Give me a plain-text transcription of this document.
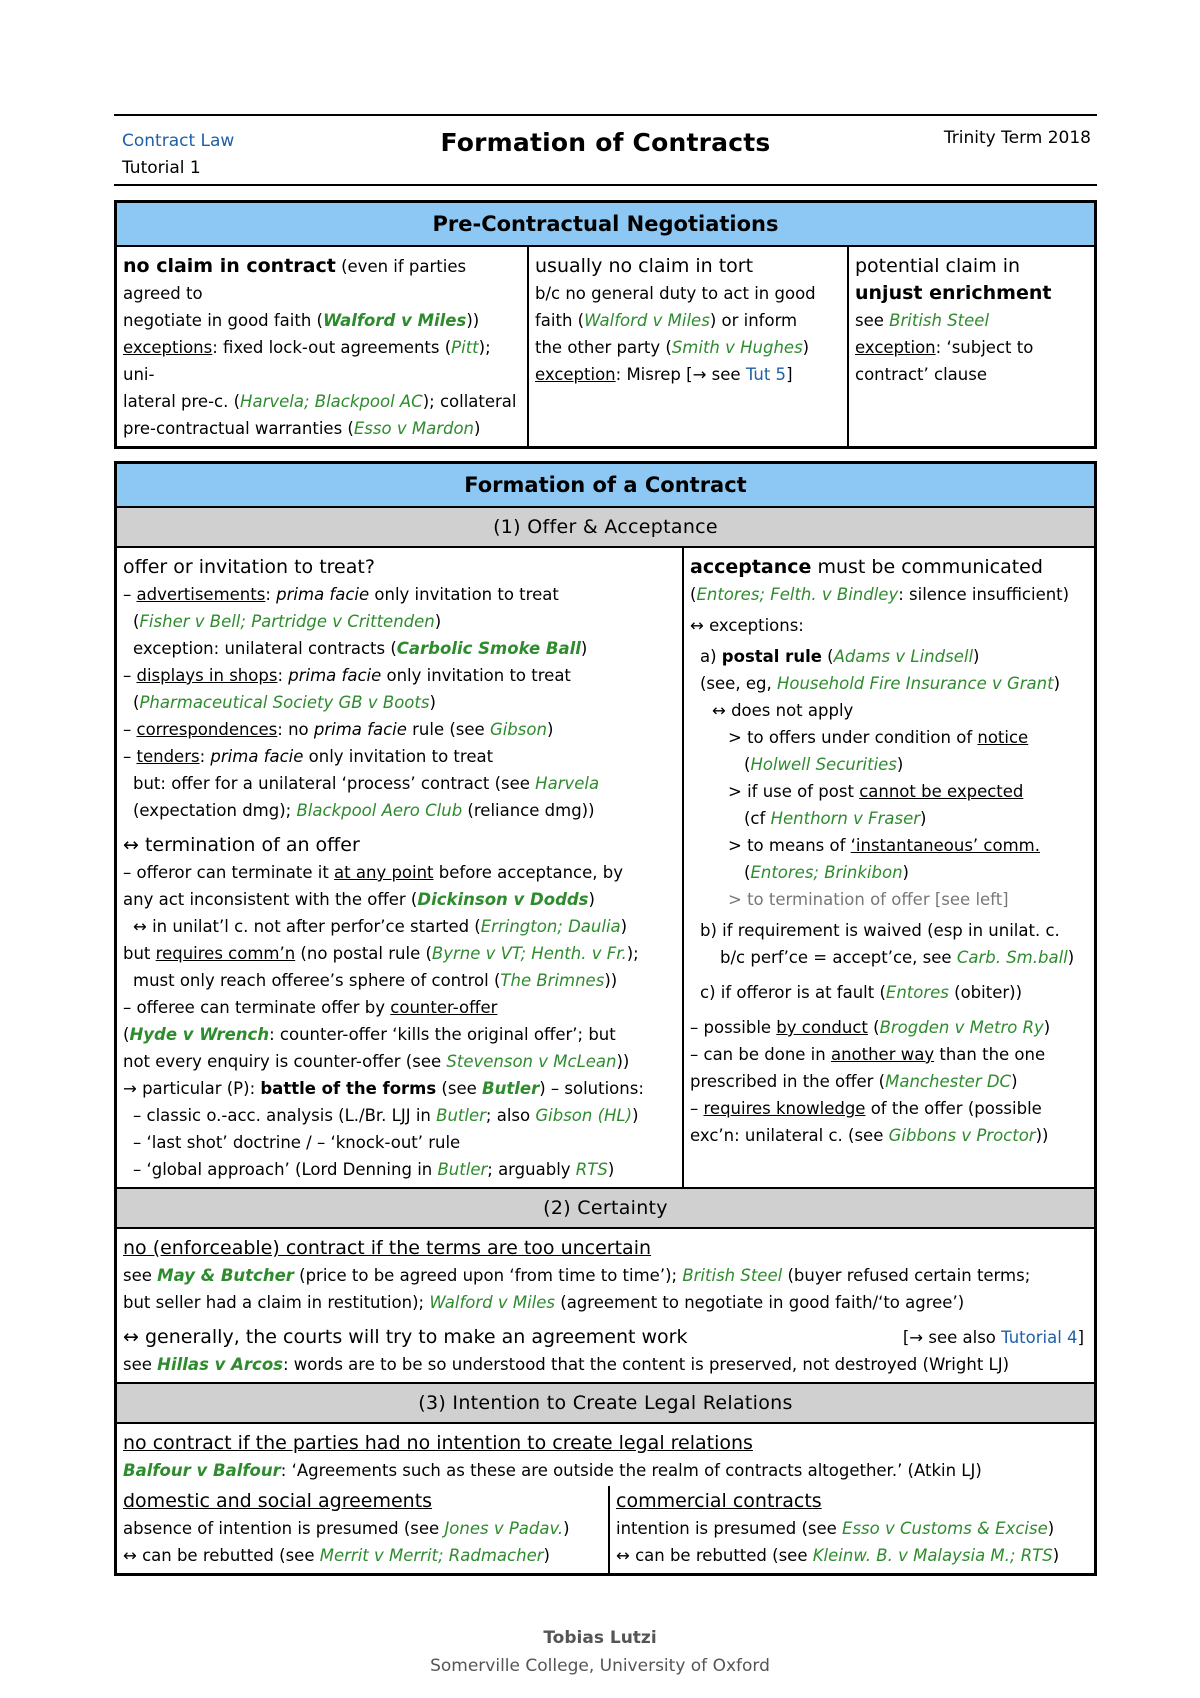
Contract Law
Tutorial 1
Formation of Contracts	Trinity Term 2018
Pre-Contractual Negotiations
no claim in contract (even if parties agreed to
negotiate in good faith (Walford v Miles))
exceptions: fixed lock-out agreements (Pitt); uni-
lateral pre-c. (Harvela; Blackpool AC); collateral
pre-contractual warranties (Esso v Mardon)
usually no claim in tort
b/c no general duty to act in good
faith (Walford v Miles) or inform
the other party (Smith v Hughes)
exception: Misrep [→ see Tut 5]
potential claim in
unjust enrichment
see British Steel
exception: ‘subject to
contract’ clause
Formation of a Contract
(1) Offer & Acceptance
offer or invitation to treat?
– advertisements: prima facie only invitation to treat
(Fisher v Bell; Partridge v Crittenden)
exception: unilateral contracts (Carbolic Smoke Ball)
– displays in shops: prima facie only invitation to treat
(Pharmaceutical Society GB v Boots)
– correspondences: no prima facie rule (see Gibson)
– tenders: prima facie only invitation to treat
but: offer for a unilateral ‘process’ contract (see Harvela
(expectation dmg); Blackpool Aero Club (reliance dmg))
↔ termination of an offer
– offeror can terminate it at any point before acceptance, by
any act inconsistent with the offer (Dickinson v Dodds)
↔ in unilat’l c. not after perfor’ce started (Errington; Daulia)
but requires comm’n (no postal rule (Byrne v VT; Henth. v Fr.);
must only reach offeree’s sphere of control (The Brimnes))
– offeree can terminate offer by counter-offer
(Hyde v Wrench: counter-offer ‘kills the original offer’; but
not every enquiry is counter-offer (see Stevenson v McLean))
→ particular (P): battle of the forms (see Butler) – solutions:
– classic o.-acc. analysis (L./Br. LJJ in Butler; also Gibson (HL))
– ‘last shot’ doctrine / – ‘knock-out’ rule
– ‘global approach’ (Lord Denning in Butler; arguably RTS)
acceptance must be communicated
(Entores; Felth. v Bindley: silence insufficient)
↔ exceptions:
a) postal rule (Adams v Lindsell)
(see, eg, Household Fire Insurance v Grant)
↔ does not apply
> to offers under condition of notice
(Holwell Securities)
> if use of post cannot be expected
(cf Henthorn v Fraser)
> to means of ‘instantaneous’ comm.
(Entores; Brinkibon)
> to termination of offer [see left]
b) if requirement is waived (esp in unilat. c.
b/c perf’ce = accept’ce, see Carb. Sm.ball)
c) if offeror is at fault (Entores (obiter))
– possible by conduct (Brogden v Metro Ry)
– can be done in another way than the one
prescribed in the offer (Manchester DC)
– requires knowledge of the offer (possible
exc’n: unilateral c. (see Gibbons v Proctor))
(2) Certainty
no (enforceable) contract if the terms are too uncertain
see May & Butcher (price to be agreed upon ‘from time to time’); British Steel (buyer refused certain terms;
but seller had a claim in restitution); Walford v Miles (agreement to negotiate in good faith/‘to agree’)
↔ generally, the courts will try to make an agreement work	[→ see also Tutorial 4]
see Hillas v Arcos: words are to be so understood that the content is preserved, not destroyed (Wright LJ)
(3) Intention to Create Legal Relations
no contract if the parties had no intention to create legal relations
Balfour v Balfour: ‘Agreements such as these are outside the realm of contracts altogether.’ (Atkin LJ)
domestic and social agreements
absence of intention is presumed (see Jones v Padav.)
↔ can be rebutted (see Merrit v Merrit; Radmacher)
commercial contracts
intention is presumed (see Esso v Customs & Excise)
↔ can be rebutted (see Kleinw. B. v Malaysia M.; RTS)
Tobias Lutzi
Somerville College, University of Oxford
